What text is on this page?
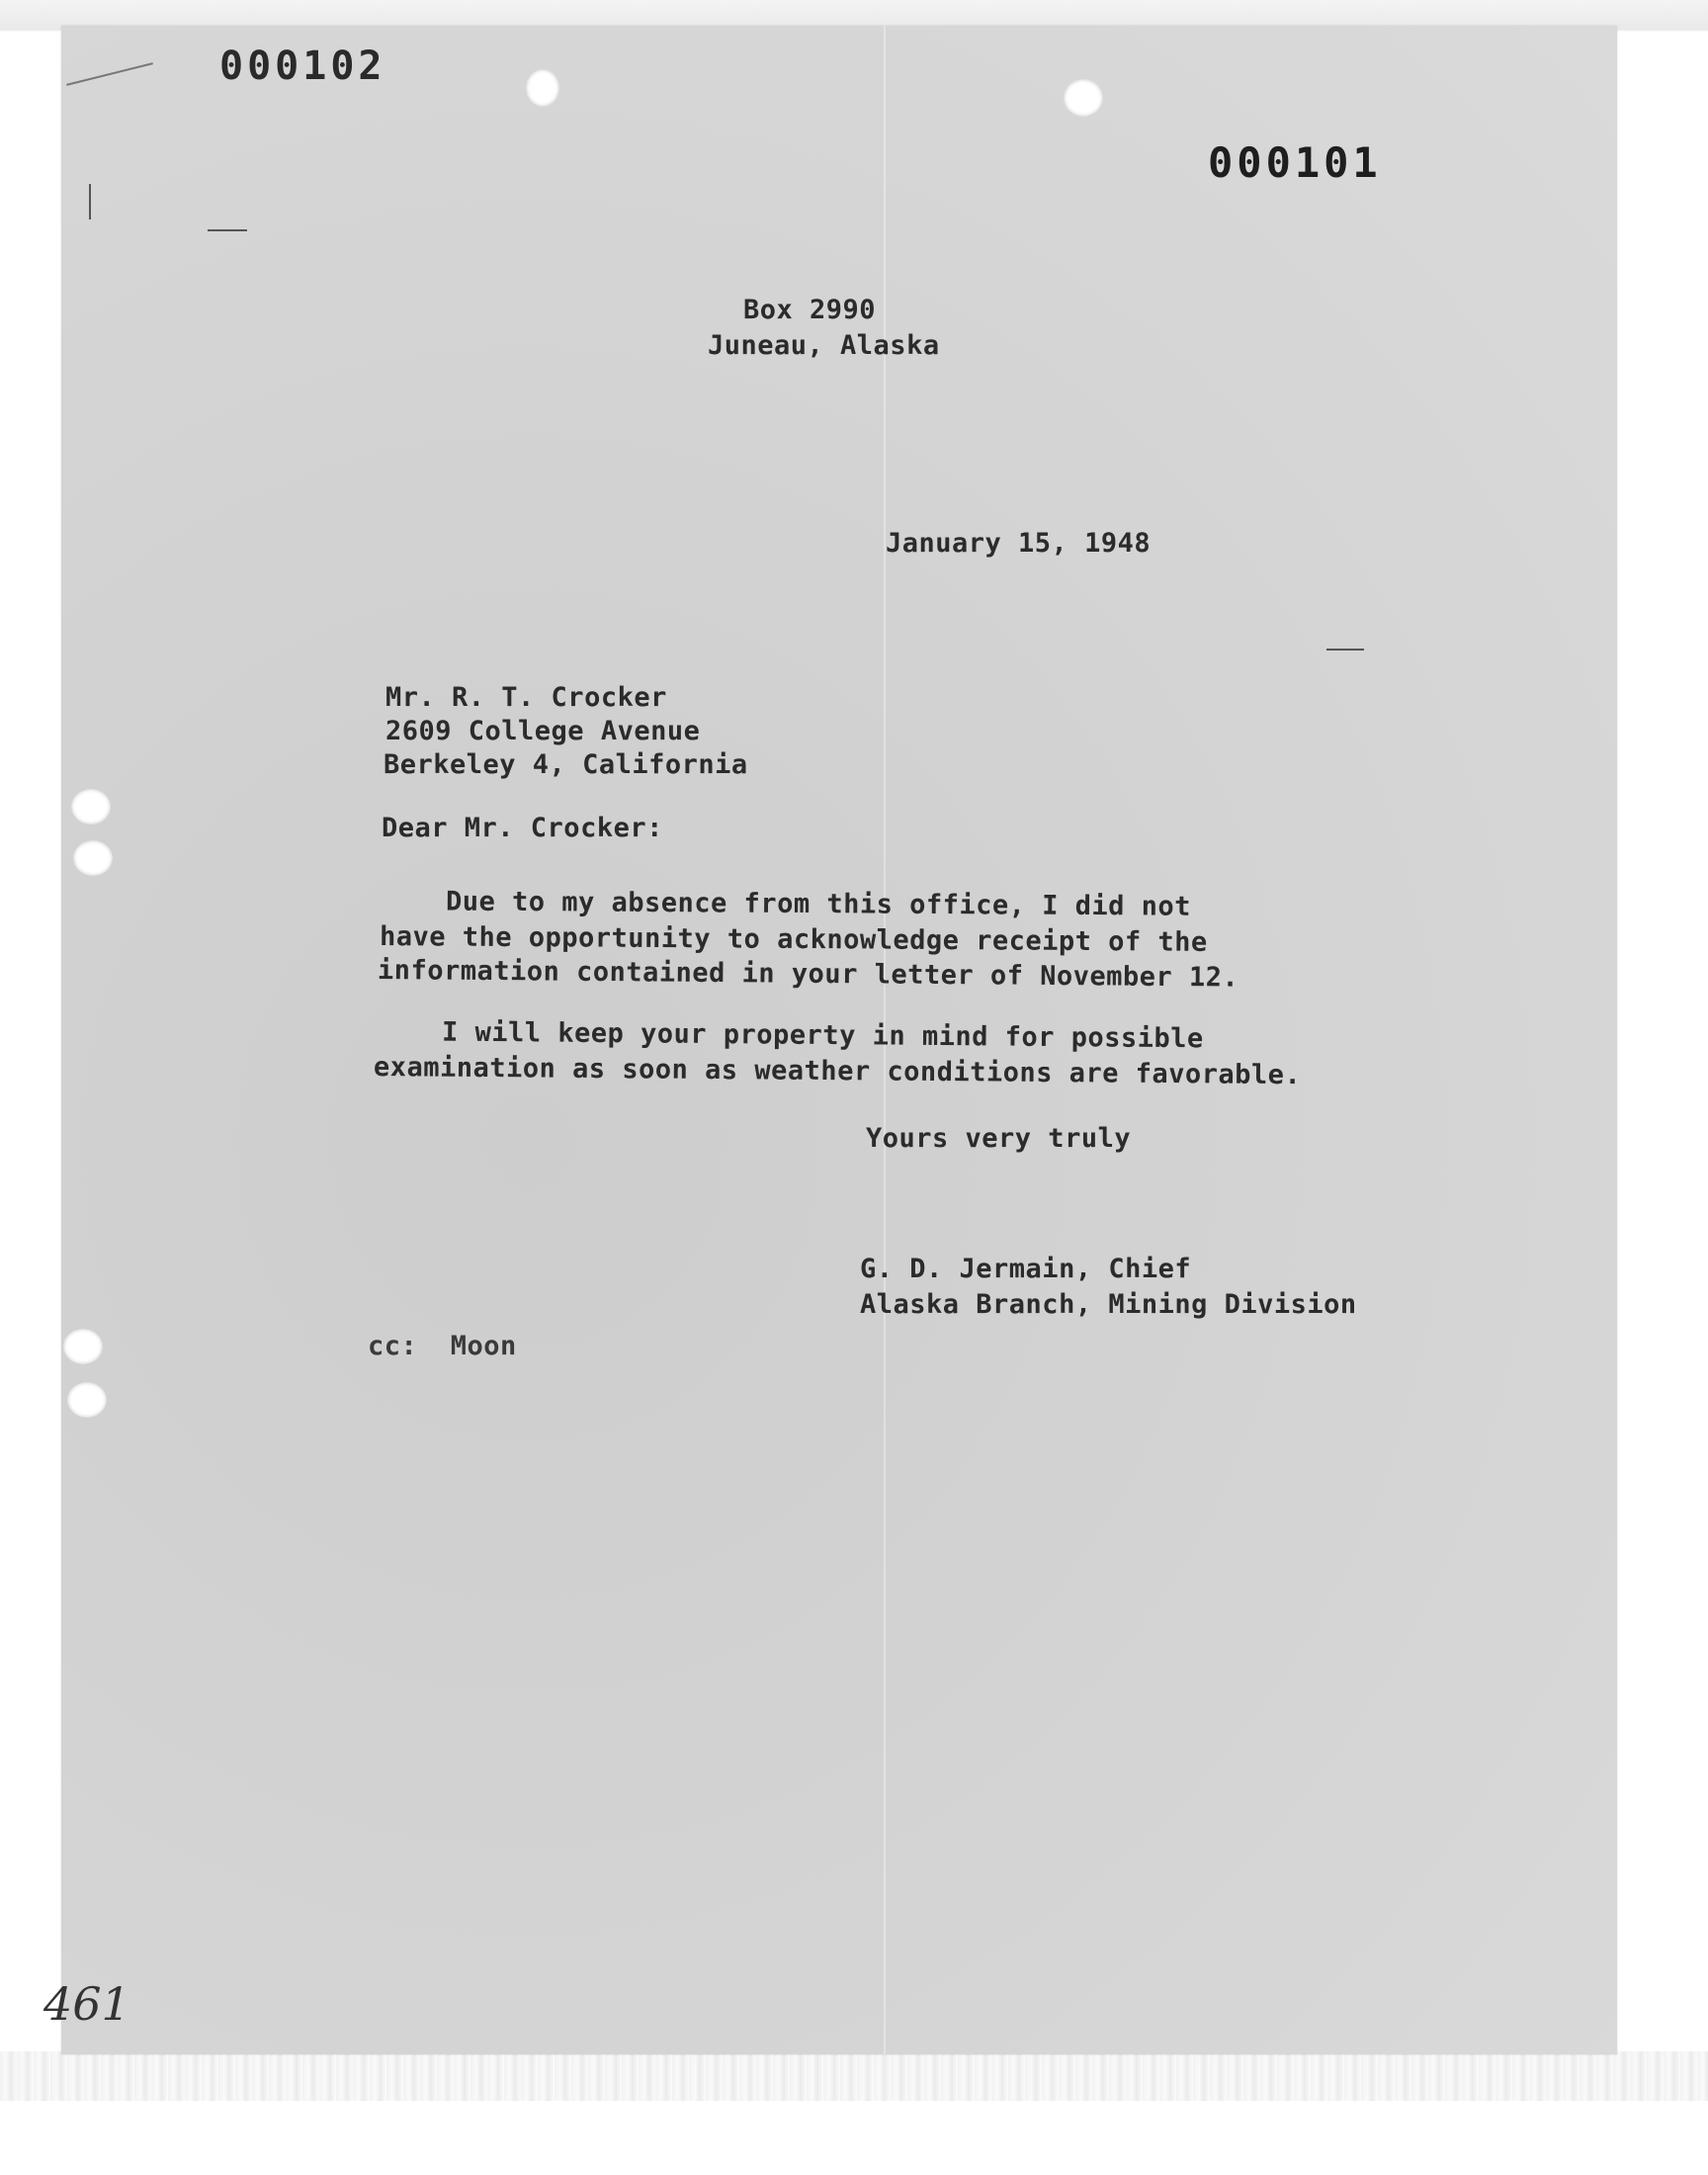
000102
000101
Box 2990
Juneau, Alaska
January 15, 1948
Mr. R. T. Crocker
2609 College Avenue
Berkeley 4, California
Dear Mr. Crocker:
Due to my absence from this office, I did not
have the opportunity to acknowledge receipt of the
information contained in your letter of November 12.
I will keep your property in mind for possible
examination as soon as weather conditions are favorable.
Yours very truly
G. D. Jermain, Chief
Alaska Branch, Mining Division
cc:  Moon
461
